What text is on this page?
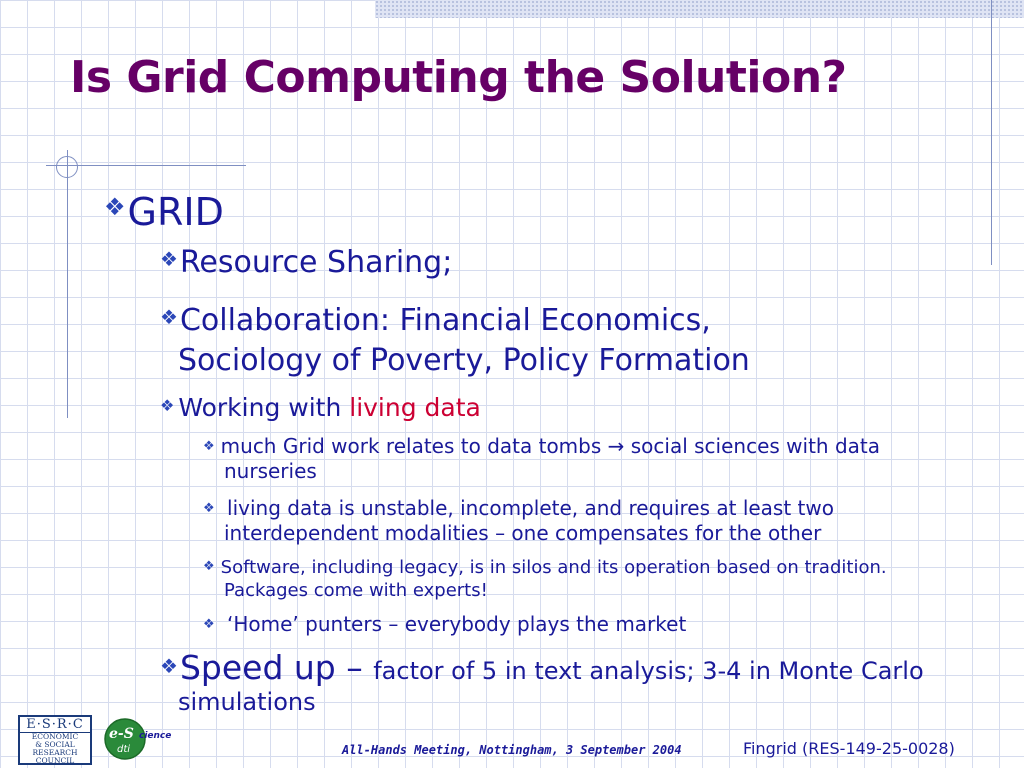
Is Grid Computing the Solution?
❖GRID
❖Resource Sharing;
❖Collaboration: Financial Economics,
Sociology of Poverty, Policy Formation
❖ Working with living data
❖ much Grid work relates to data tombs → social sciences with data
nurseries
❖ living data is unstable, incomplete, and requires at least two
interdependent modalities – one compensates for the other
❖ Software, including legacy, is in silos and its operation based on tradition.
Packages come with experts!
❖ ‘Home’ punters – everybody plays the market
❖Speed up – factor of 5 in text analysis; 3-4 in Monte Carlo
simulations
E·S·R·C
ECONOMIC
& SOCIAL
RESEARCH
COUNCIL
e-S cience
dti	All-Hands Meeting, Nottingham, 3 September 2004	Fingrid (RES-149-25-0028)
